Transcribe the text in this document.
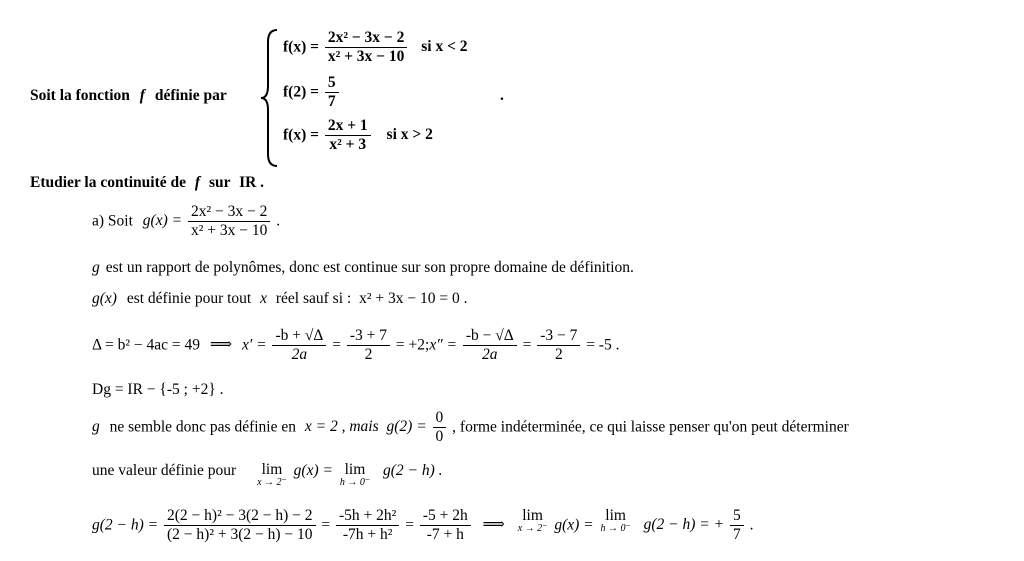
Soit la fonction f définie par
$f(x) = \frac{\text{2x² − 3x − 2}}{\text{x² + 3x − 10}}$ si x < 2
$f(2) = \frac{5}{7}$	.
$f(x) = \frac{2x + 1}{\text{x² + 3}}$ si x > 2
Etudier la continuité de f sur IR .
a) Soit $g(x) = \frac{\text{2x² − 3x − 2}}{\text{x² + 3x − 10}}$ .
g est un rapport de polynômes, donc est continue sur son propre domaine de définition.
g(x) est définie pour tout x réel sauf si : x² + 3x − 10 = 0 .
Δ = b² − 4ac = 49 ⟹ $x' = \frac{-b + √\Delta}{2a} = \frac{-3 + 7}{2}$ = +2;x″ = $\frac{-b - √\Delta}{2a} = \frac{-3 - 7}{2} = -5$ .
Dg = IR − {-5 ; +2} .
g ne semble donc pas définie en x = 2 , mais $g(2) = \frac{0}{0}$ , forme indéterminée, ce qui laisse penser qu'on peut déterminer
une valeur définie pour lim
x → 2⁻
g(x) = lim
h → 0⁻
g(2 − h) .
$g(2 - h) = \frac{\text{2(2 − h)² − 3(2 − h) − 2}}{\text{(2 − h)² + 3(2 − h) − 10}} = \frac{\text{-5h + 2h²}}{\text{-7h + h²}} = \frac{-5 + 2h}{-7 + h}$ ⟹
lim
x → 2⁻ g(x) =
lim
h → 0⁻ g(2 − h) = + $\frac{5}{7}$ .
